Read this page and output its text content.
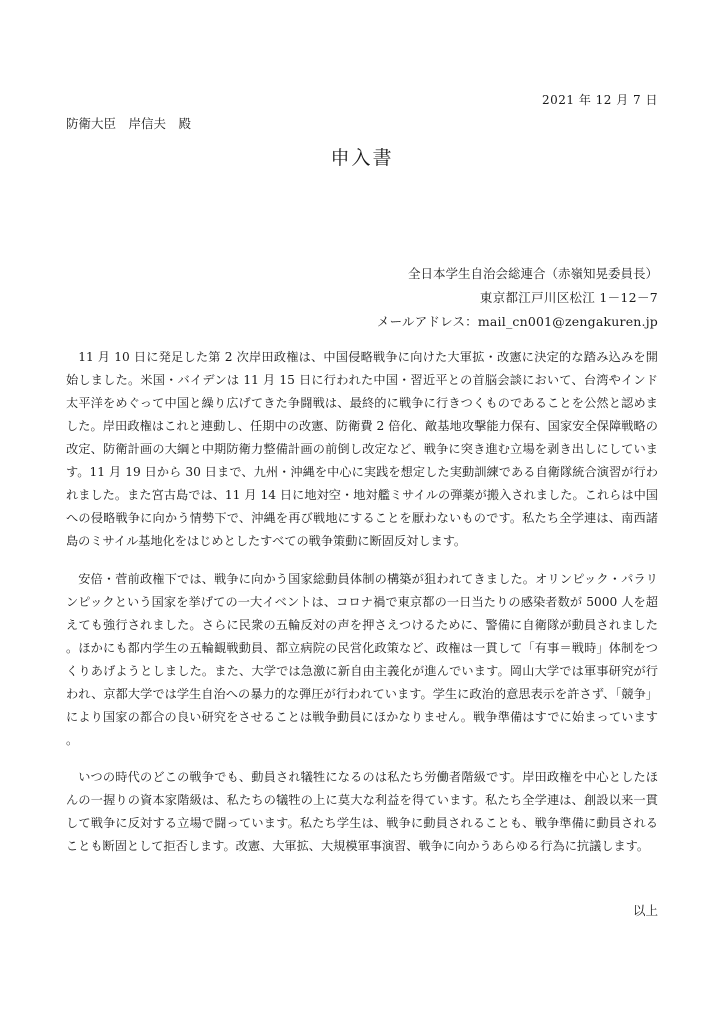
2021 年 12 月 7 日
防衛大臣　岸信夫　殿
申入書
全日本学生自治会総連合（赤嶺知晃委員長）
東京都江戸川区松江 1－12－7
メールアドレス：mail_cn001@zengakuren.jp

11 月 10 日に発足した第 2 次岸田政権は、中国侵略戦争に向けた大軍拡・改憲に決定的な踏み込みを開始しました。米国・バイデンは 11 月 15 日に行われた中国・習近平との首脳会談において、台湾やインド太平洋をめぐって中国と繰り広げてきた争闘戦は、最終的に戦争に行きつくものであることを公然と認めました。岸田政権はこれと連動し、任期中の改憲、防衛費 2 倍化、敵基地攻撃能力保有、国家安全保障戦略の改定、防衛計画の大綱と中期防衛力整備計画の前倒し改定など、戦争に突き進む立場を剥き出しにしています。11 月 19 日から 30 日まで、九州・沖縄を中心に実践を想定した実動訓練である自衛隊統合演習が行われました。また宮古島では、11 月 14 日に地対空・地対艦ミサイルの弾薬が搬入されました。これらは中国への侵略戦争に向かう情勢下で、沖縄を再び戦地にすることを厭わないものです。私たち全学連は、南西諸島のミサイル基地化をはじめとしたすべての戦争策動に断固反対します。

安倍・菅前政権下では、戦争に向かう国家総動員体制の構築が狙われてきました。オリンピック・パラリンピックという国家を挙げての一大イベントは、コロナ禍で東京都の一日当たりの感染者数が 5000 人を超えても強行されました。さらに民衆の五輪反対の声を押さえつけるために、警備に自衛隊が動員されました。ほかにも都内学生の五輪観戦動員、都立病院の民営化政策など、政権は一貫して「有事＝戦時」体制をつくりあげようとしました。また、大学では急激に新自由主義化が進んでいます。岡山大学では軍事研究が行われ、京都大学では学生自治への暴力的な弾圧が行われています。学生に政治的意思表示を許さず、「競争」により国家の都合の良い研究をさせることは戦争動員にほかなりません。戦争準備はすでに始まっています。

いつの時代のどこの戦争でも、動員され犠牲になるのは私たち労働者階級です。岸田政権を中心としたほんの一握りの資本家階級は、私たちの犠牲の上に莫大な利益を得ています。私たち全学連は、創設以来一貫して戦争に反対する立場で闘っています。私たち学生は、戦争に動員されることも、戦争準備に動員されることも断固として拒否します。改憲、大軍拡、大規模軍事演習、戦争に向かうあらゆる行為に抗議します。

以上
